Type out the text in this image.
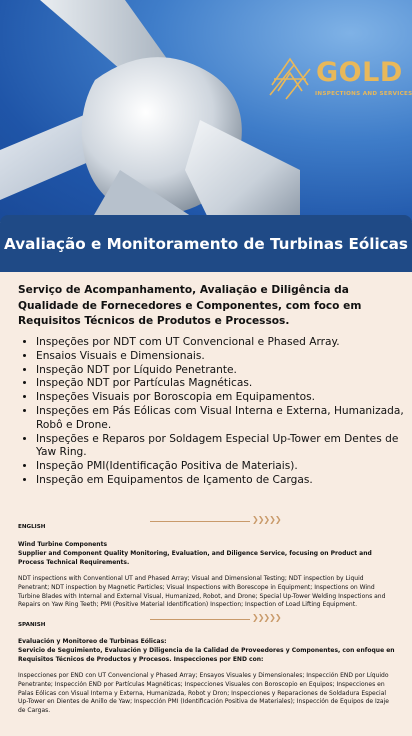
GOLD
INSPECTIONS AND SERVICES
Avaliação e Monitoramento de Turbinas Eólicas

Serviço de Acompanhamento, Avaliação e Diligência da Qualidade de Fornecedores e Componentes, com foco em Requisitos Técnicos de Produtos e Processos.

• Inspeções por NDT com UT Convencional e Phased Array.
• Ensaios Visuais e Dimensionais.
• Inspeção NDT por Líquido Penetrante.
• Inspeção NDT por Partículas Magnéticas.
• Inspeções Visuais por Boroscopia em Equipamentos.
• Inspeções em Pás Eólicas com Visual Interna e Externa, Humanizada, Robô e Drone.
• Inspeções e Reparos por Soldagem Especial Up-Tower em Dentes de Yaw Ring.
• Inspeção PMI(Identificação Positiva de Materiais).
• Inspeção em Equipamentos de Içamento de Cargas.
❯❯❯❯❯
ENGLISH

Wind Turbine Components
Supplier and Component Quality Monitoring, Evaluation, and Diligence Service, focusing on Product and Process Technical Requirements.

NDT inspections with Conventional UT and Phased Array; Visual and Dimensional Testing; NDT inspection by Liquid Penetrant; NDT inspection by Magnetic Particles; Visual Inspections with Borescope in Equipment; Inspections on Wind Turbine Blades with Internal and External Visual, Humanized, Robot, and Drone; Special Up-Tower Welding Inspections and Repairs on Yaw Ring Teeth; PMI (Positive Material Identification) Inspection; Inspection of Load Lifting Equipment.

❯❯❯❯❯
SPANISH

Evaluación y Monitoreo de Turbinas Eólicas:
Servicio de Seguimiento, Evaluación y Diligencia de la Calidad de Proveedores y Componentes, con enfoque en Requisitos Técnicos de Productos y Procesos. Inspecciones por END con:

Inspecciones por END con UT Convencional y Phased Array; Ensayos Visuales y Dimensionales; Inspección END por Líquido Penetrante; Inspección END por Partículas Magnéticas; Inspecciones Visuales con Boroscopio en Equipos; Inspecciones en Palas Eólicas con Visual Interna y Externa, Humanizada, Robot y Dron; Inspecciones y Reparaciones de Soldadura Especial Up-Tower en Dientes de Anillo de Yaw; Inspección PMI (Identificación Positiva de Materiales); Inspección de Equipos de Izaje de Cargas.
